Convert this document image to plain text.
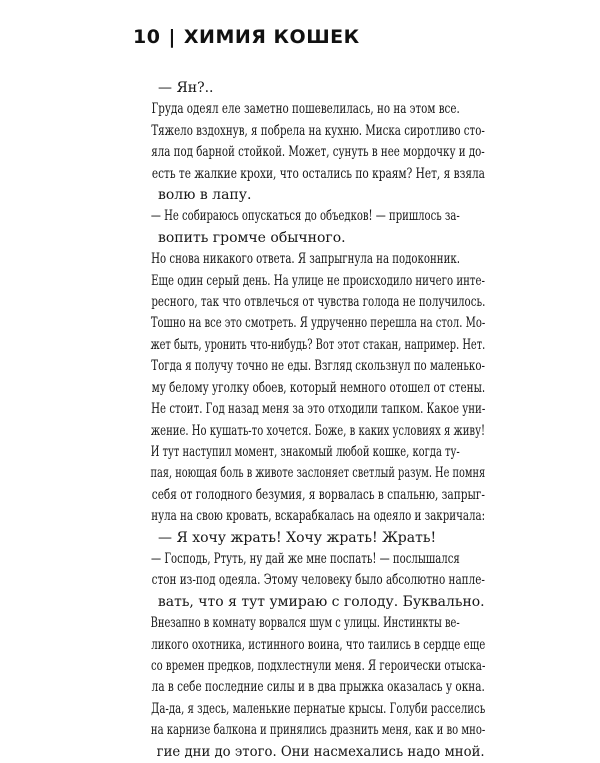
10 | ХИМИЯ КОШЕК

— Ян?..

Груда одеял еле заметно пошевелилась, но на этом все.
Тяжело вздохнув, я побрела на кухню. Миска сиротливо сто-
яла под барной стойкой. Может, сунуть в нее мордочку и до-
есть те жалкие крохи, что остались по краям? Нет, я взяла
волю в лапу.

— Не собираюсь опускаться до объедков! — пришлось за-
вопить громче обычного.

Но снова никакого ответа. Я запрыгнула на подоконник.
Еще один серый день. На улице не происходило ничего инте-
ресного, так что отвлечься от чувства голода не получилось.
Тошно на все это смотреть. Я удрученно перешла на стол. Мо-
жет быть, уронить что-нибудь? Вот этот стакан, например. Нет.
Тогда я получу точно не еды. Взгляд скользнул по маленько-
му белому уголку обоев, который немного отошел от стены.
Не стоит. Год назад меня за это отходили тапком. Какое уни-
жение. Но кушать-то хочется. Боже, в каких условиях я живу!

И тут наступил момент, знакомый любой кошке, когда ту-
пая, ноющая боль в животе заслоняет светлый разум. Не помня
себя от голодного безумия, я ворвалась в спальню, запрыг-
нула на свою кровать, вскарабкалась на одеяло и закричала:

— Я хочу жрать! Хочу жрать! Жрать!

— Господь, Ртуть, ну дай же мне поспать! — послышался
стон из-под одеяла. Этому человеку было абсолютно напле-
вать, что я тут умираю с голоду. Буквально.

Внезапно в комнату ворвался шум с улицы. Инстинкты ве-
ликого охотника, истинного воина, что таились в сердце еще
со времен предков, подхлестнули меня. Я героически отыска-
ла в себе последние силы и в два прыжка оказалась у окна.
Да-да, я здесь, маленькие пернатые крысы. Голуби расселись
на карнизе балкона и принялись дразнить меня, как и во мно-
гие дни до этого. Они насмехались надо мной.
